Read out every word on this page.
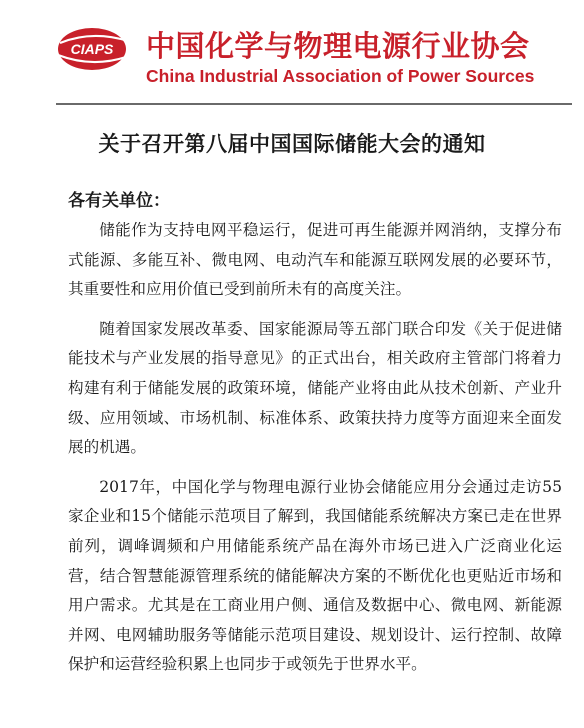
CIAPS 中国化学与物理电源行业协会
China Industrial Association of Power Sources
关于召开第八届中国国际储能大会的通知
各有关单位：

储能作为支持电网平稳运行，促进可再生能源并网消纳，支撑分布式能源、多能互补、微电网、电动汽车和能源互联网发展的必要环节，其重要性和应用价值已受到前所未有的高度关注。

随着国家发展改革委、国家能源局等五部门联合印发《关于促进储能技术与产业发展的指导意见》的正式出台，相关政府主管部门将着力构建有利于储能发展的政策环境，储能产业将由此从技术创新、产业升级、应用领域、市场机制、标准体系、政策扶持力度等方面迎来全面发展的机遇。

2017年，中国化学与物理电源行业协会储能应用分会通过走访55家企业和15个储能示范项目了解到，我国储能系统解决方案已走在世界前列，调峰调频和户用储能系统产品在海外市场已进入广泛商业化运营，结合智慧能源管理系统的储能解决方案的不断优化也更贴近市场和用户需求。尤其是在工商业用户侧、通信及数据中心、微电网、新能源并网、电网辅助服务等储能示范项目建设、规划设计、运行控制、故障保护和运营经验积累上也同步于或领先于世界水平。
